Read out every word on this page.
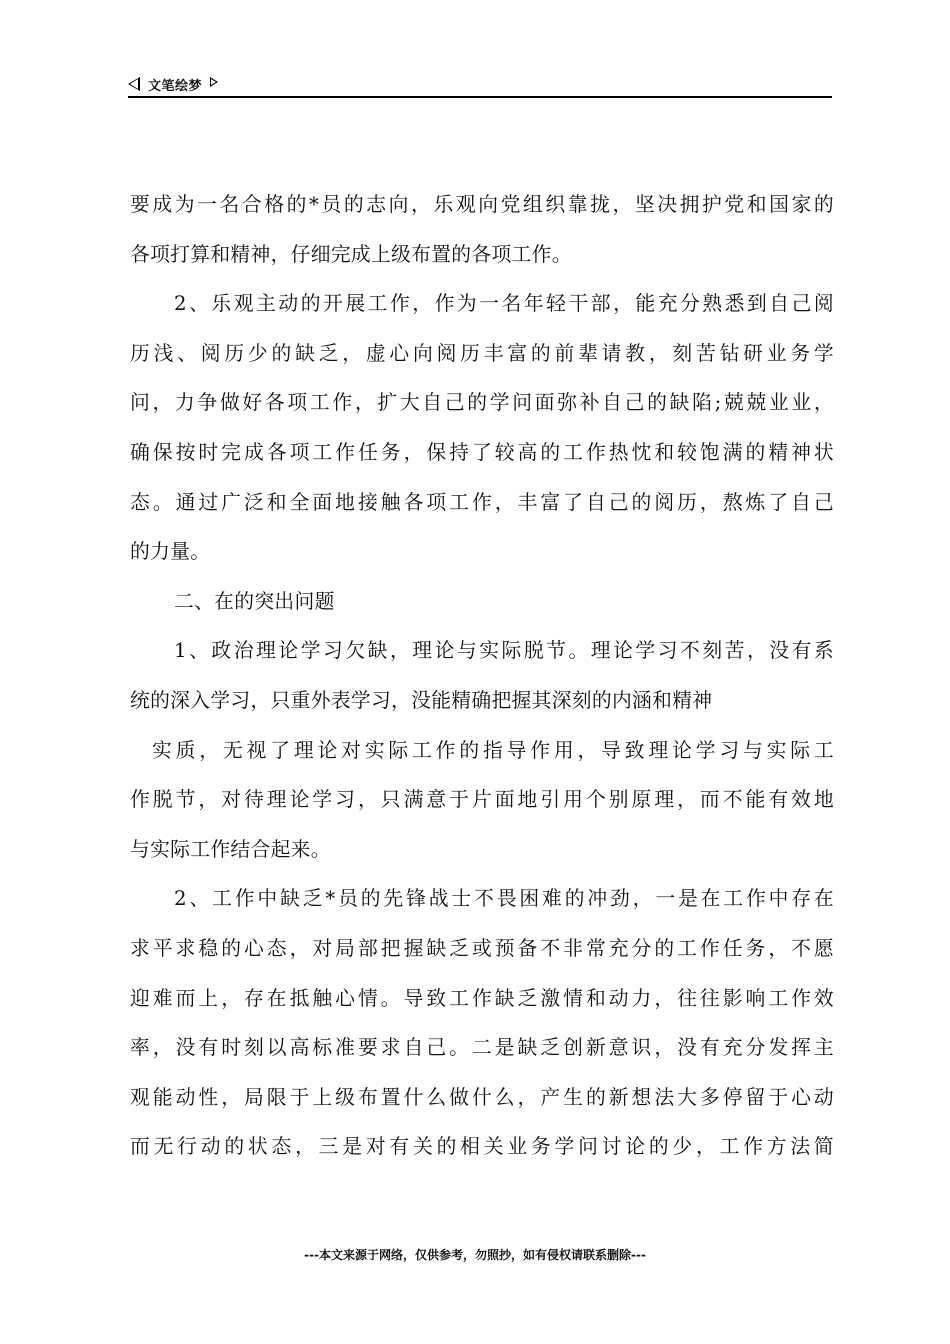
文笔绘梦
要成为一名合格的*员的志向，乐观向党组织靠拢，坚决拥护党和国家的
各项打算和精神，仔细完成上级布置的各项工作。
2、乐观主动的开展工作，作为一名年轻干部，能充分熟悉到自己阅
历浅、阅历少的缺乏，虚心向阅历丰富的前辈请教，刻苦钻研业务学
问，力争做好各项工作，扩大自己的学问面弥补自己的缺陷;兢兢业业，
确保按时完成各项工作任务，保持了较高的工作热忱和较饱满的精神状
态。通过广泛和全面地接触各项工作，丰富了自己的阅历，熬炼了自己
的力量。
二、在的突出问题
1、政治理论学习欠缺，理论与实际脱节。理论学习不刻苦，没有系
统的深入学习，只重外表学习，没能精确把握其深刻的内涵和精神
实质，无视了理论对实际工作的指导作用，导致理论学习与实际工
作脱节，对待理论学习，只满意于片面地引用个别原理，而不能有效地
与实际工作结合起来。
2、工作中缺乏*员的先锋战士不畏困难的冲劲，一是在工作中存在
求平求稳的心态，对局部把握缺乏或预备不非常充分的工作任务，不愿
迎难而上，存在抵触心情。导致工作缺乏激情和动力，往往影响工作效
率，没有时刻以高标准要求自己。二是缺乏创新意识，没有充分发挥主
观能动性，局限于上级布置什么做什么，产生的新想法大多停留于心动
而无行动的状态，三是对有关的相关业务学问讨论的少，工作方法简
---本文来源于网络，仅供参考，勿照抄，如有侵权请联系删除---
